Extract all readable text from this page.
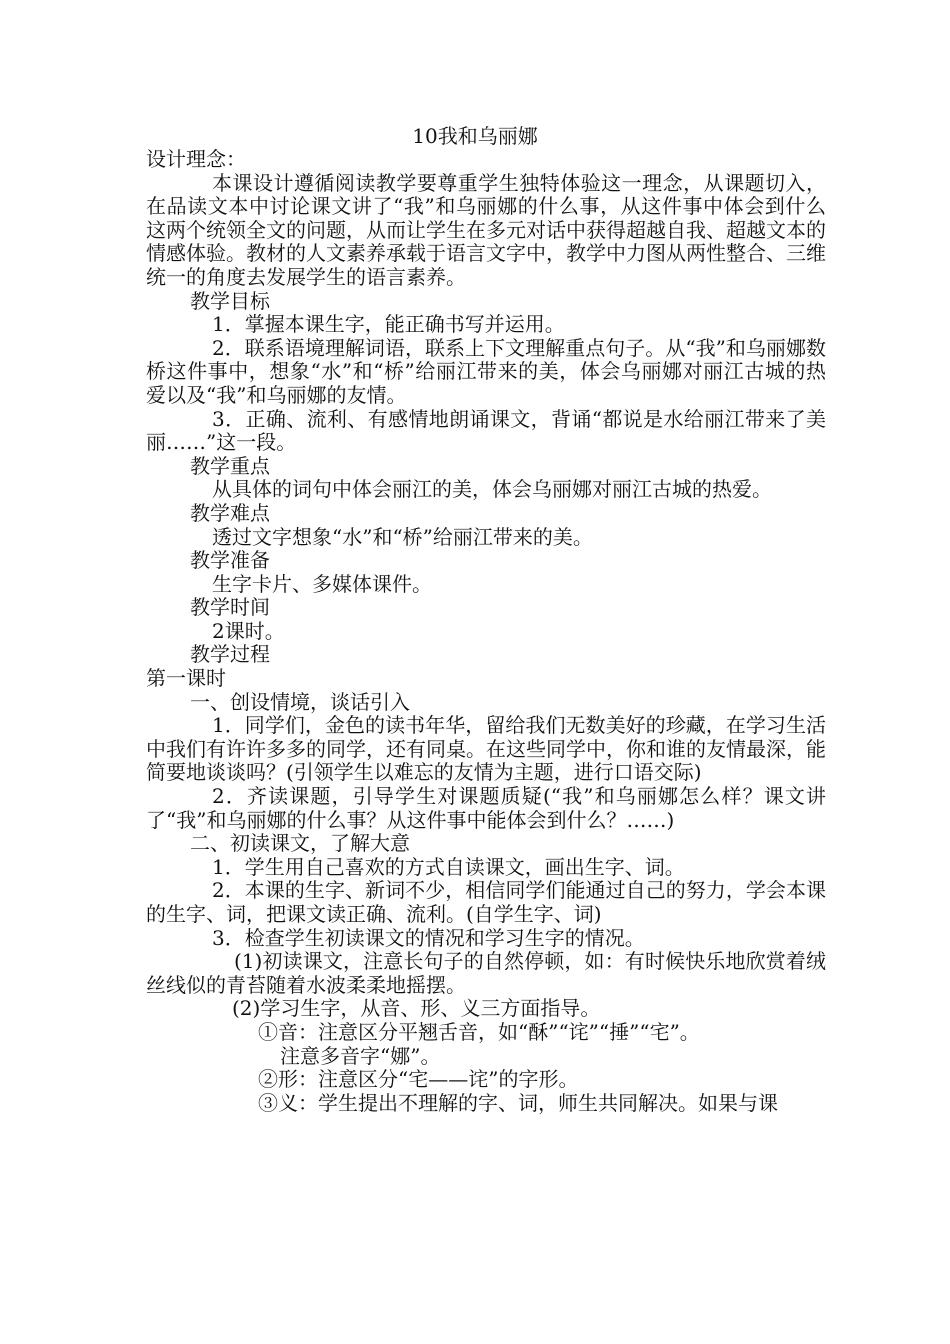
10我和乌丽娜

设计理念：

本课设计遵循阅读教学要尊重学生独特体验这一理念，从课题切入，在品读文本中讨论课文讲了“我”和乌丽娜的什么事，从这件事中体会到什么这两个统领全文的问题，从而让学生在多元对话中获得超越自我、超越文本的情感体验。教材的人文素养承载于语言文字中，教学中力图从两性整合、三维统一的角度去发展学生的语言素养。

教学目标

1．掌握本课生字，能正确书写并运用。

2．联系语境理解词语，联系上下文理解重点句子。从“我”和乌丽娜数桥这件事中，想象“水”和“桥”给丽江带来的美，体会乌丽娜对丽江古城的热爱以及“我”和乌丽娜的友情。

3．正确、流利、有感情地朗诵课文，背诵“都说是水给丽江带来了美丽……”这一段。

教学重点

从具体的词句中体会丽江的美，体会乌丽娜对丽江古城的热爱。

教学难点

透过文字想象“水”和“桥”给丽江带来的美。

教学准备

生字卡片、多媒体课件。

教学时间

2课时。

教学过程

第一课时

一、创设情境，谈话引入

1．同学们，金色的读书年华，留给我们无数美好的珍藏，在学习生活中我们有许许多多的同学，还有同桌。在这些同学中，你和谁的友情最深，能简要地谈谈吗？(引领学生以难忘的友情为主题，进行口语交际)

2．齐读课题，引导学生对课题质疑(“我”和乌丽娜怎么样？课文讲了“我”和乌丽娜的什么事？从这件事中能体会到什么？……)

二、初读课文，了解大意

1．学生用自己喜欢的方式自读课文，画出生字、词。

2．本课的生字、新词不少，相信同学们能通过自己的努力，学会本课的生字、词，把课文读正确、流利。(自学生字、词)

3．检查学生初读课文的情况和学习生字的情况。

(1)初读课文，注意长句子的自然停顿，如：有时候快乐地欣赏着绒丝线似的青苔随着水波柔柔地摇摆。

(2)学习生字，从音、形、义三方面指导。

①音：注意区分平翘舌音，如“酥”“诧”“捶”“宅”。

注意多音字“娜”。

②形：注意区分“宅——诧”的字形。

③义：学生提出不理解的字、词，师生共同解决。如果与课
